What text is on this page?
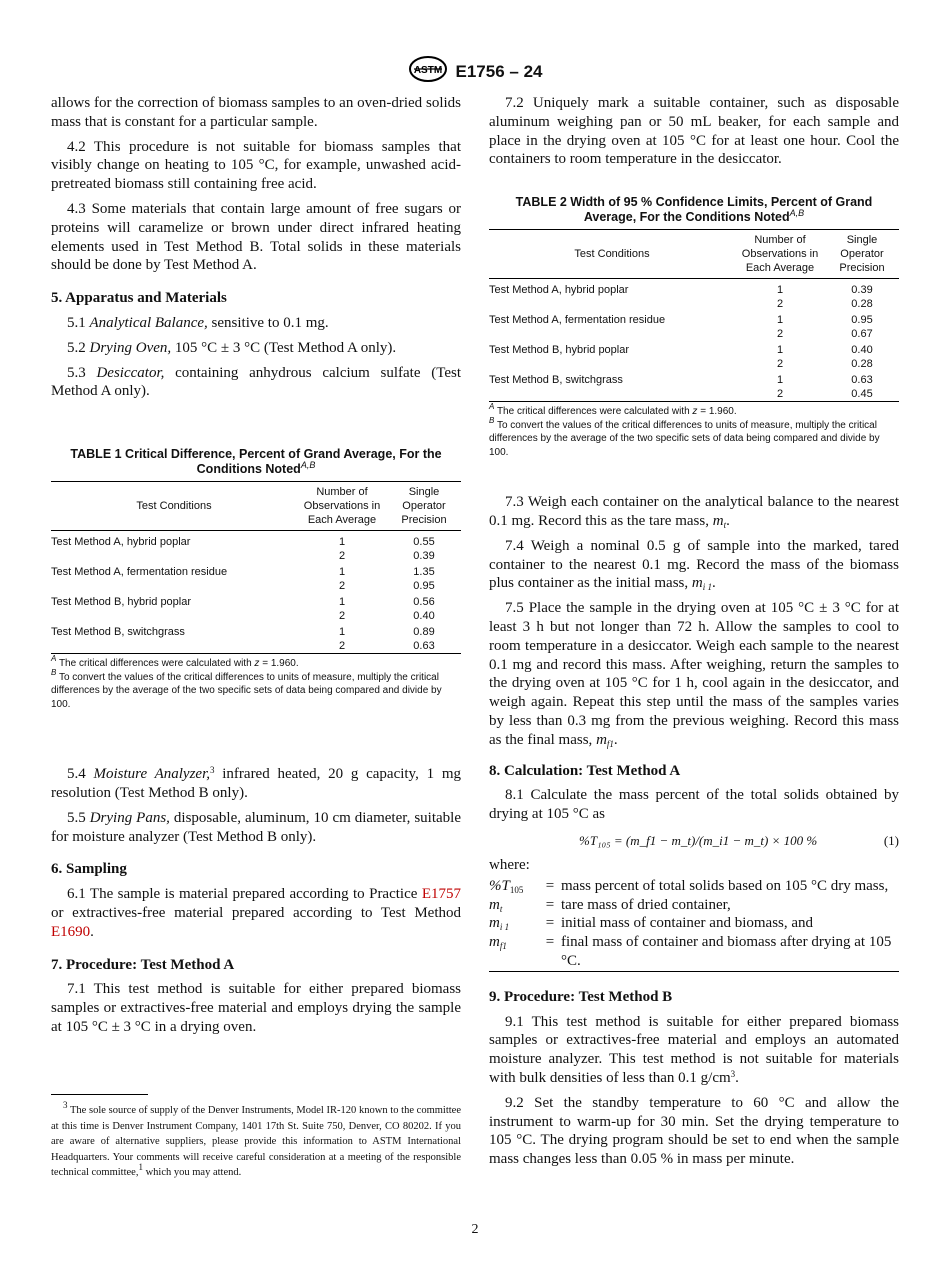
ASTM E1756 – 24

allows for the correction of biomass samples to an oven-dried solids mass that is constant for a particular sample.

4.2 This procedure is not suitable for biomass samples that visibly change on heating to 105 °C, for example, unwashed acid-pretreated biomass still containing free acid.

4.3 Some materials that contain large amount of free sugars or proteins will caramelize or brown under direct infrared heating elements used in Test Method B. Total solids in these materials should be done by Test Method A.

5. Apparatus and Materials

5.1 Analytical Balance, sensitive to 0.1 mg.

5.2 Drying Oven, 105 °C ± 3 °C (Test Method A only).

5.3 Desiccator, containing anhydrous calcium sulfate (Test Method A only).

TABLE 1 Critical Difference, Percent of Grand Average, For the Conditions Noted$^{A,B}$
Test Conditions	Number of Observations in Each Average	Single Operator Precision
Test Method A, hybrid poplar	1	0.55
	2	0.39
Test Method A, fermentation residue	1	1.35
	2	0.95
Test Method B, hybrid poplar	1	0.56
	2	0.40
Test Method B, switchgrass	1	0.89
	2	0.63
$^A$ The critical differences were calculated with z = 1.960.
$^B$ To convert the values of the critical differences to units of measure, multiply the critical differences by the average of the two specific sets of data being compared and divide by 100.

5.4 Moisture Analyzer,$^3$ infrared heated, 20 g capacity, 1 mg resolution (Test Method B only).

5.5 Drying Pans, disposable, aluminum, 10 cm diameter, suitable for moisture analyzer (Test Method B only).

6. Sampling

6.1 The sample is material prepared according to Practice E1757 or extractives-free material prepared according to Test Method E1690.

7. Procedure: Test Method A

7.1 This test method is suitable for either prepared biomass samples or extractives-free material and employs drying the sample at 105 °C ± 3 °C in a drying oven.

$^3$ The sole source of supply of the Denver Instruments, Model IR-120 known to the committee at this time is Denver Instrument Company, 1401 17th St. Suite 750, Denver, CO 80202. If you are aware of alternative suppliers, please provide this information to ASTM International Headquarters. Your comments will receive careful consideration at a meeting of the responsible technical committee,$^1$ which you may attend.

7.2 Uniquely mark a suitable container, such as disposable aluminum weighing pan or 50 mL beaker, for each sample and place in the drying oven at 105 °C for at least one hour. Cool the containers to room temperature in the desiccator.

TABLE 2 Width of 95 % Confidence Limits, Percent of Grand Average, For the Conditions Noted$^{A,B}$
Test Conditions	Number of Observations in Each Average	Single Operator Precision
Test Method A, hybrid poplar	1	0.39
	2	0.28
Test Method A, fermentation residue	1	0.95
	2	0.67
Test Method B, hybrid poplar	1	0.40
	2	0.28
Test Method B, switchgrass	1	0.63
	2	0.45
$^A$ The critical differences were calculated with z = 1.960.
$^B$ To convert the values of the critical differences to units of measure, multiply the critical differences by the average of the two specific sets of data being compared and divide by 100.

7.3 Weigh each container on the analytical balance to the nearest 0.1 mg. Record this as the tare mass, $m_t$.

7.4 Weigh a nominal 0.5 g of sample into the marked, tared container to the nearest 0.1 mg. Record the mass of the biomass plus container as the initial mass, $m_{i 1}$.

7.5 Place the sample in the drying oven at 105 °C ± 3 °C for at least 3 h but not longer than 72 h. Allow the samples to cool to room temperature in a desiccator. Weigh each sample to the nearest 0.1 mg and record this mass. After weighing, return the samples to the drying oven at 105 °C for 1 h, cool again in the desiccator, and weigh again. Repeat this step until the mass of the samples varies by less than 0.3 mg from the previous weighing. Record this mass as the final mass, $m_{f1}$.

8. Calculation: Test Method A

8.1 Calculate the mass percent of the total solids obtained by drying at 105 °C as

%T₁₀₅ = (m_f1 − m_t)/(m_i1 − m_t) × 100 %	(1)

where:

$\%T_{105}$	=	mass percent of total solids based on 105 °C dry mass,
$m_t$	=	tare mass of dried container,
$m_{i 1}$	=	initial mass of container and biomass, and
$m_{f1}$	=	final mass of container and biomass after drying at 105 °C.
9. Procedure: Test Method B

9.1 This test method is suitable for either prepared biomass samples or extractives-free material and employs an automated moisture analyzer. This test method is not suitable for materials with bulk densities of less than 0.1 $g/cm^3$.

9.2 Set the standby temperature to 60 °C and allow the instrument to warm-up for 30 min. Set the drying temperature to 105 °C. The drying program should be set to end when the sample mass changes less than 0.05 % in mass per minute.

2
